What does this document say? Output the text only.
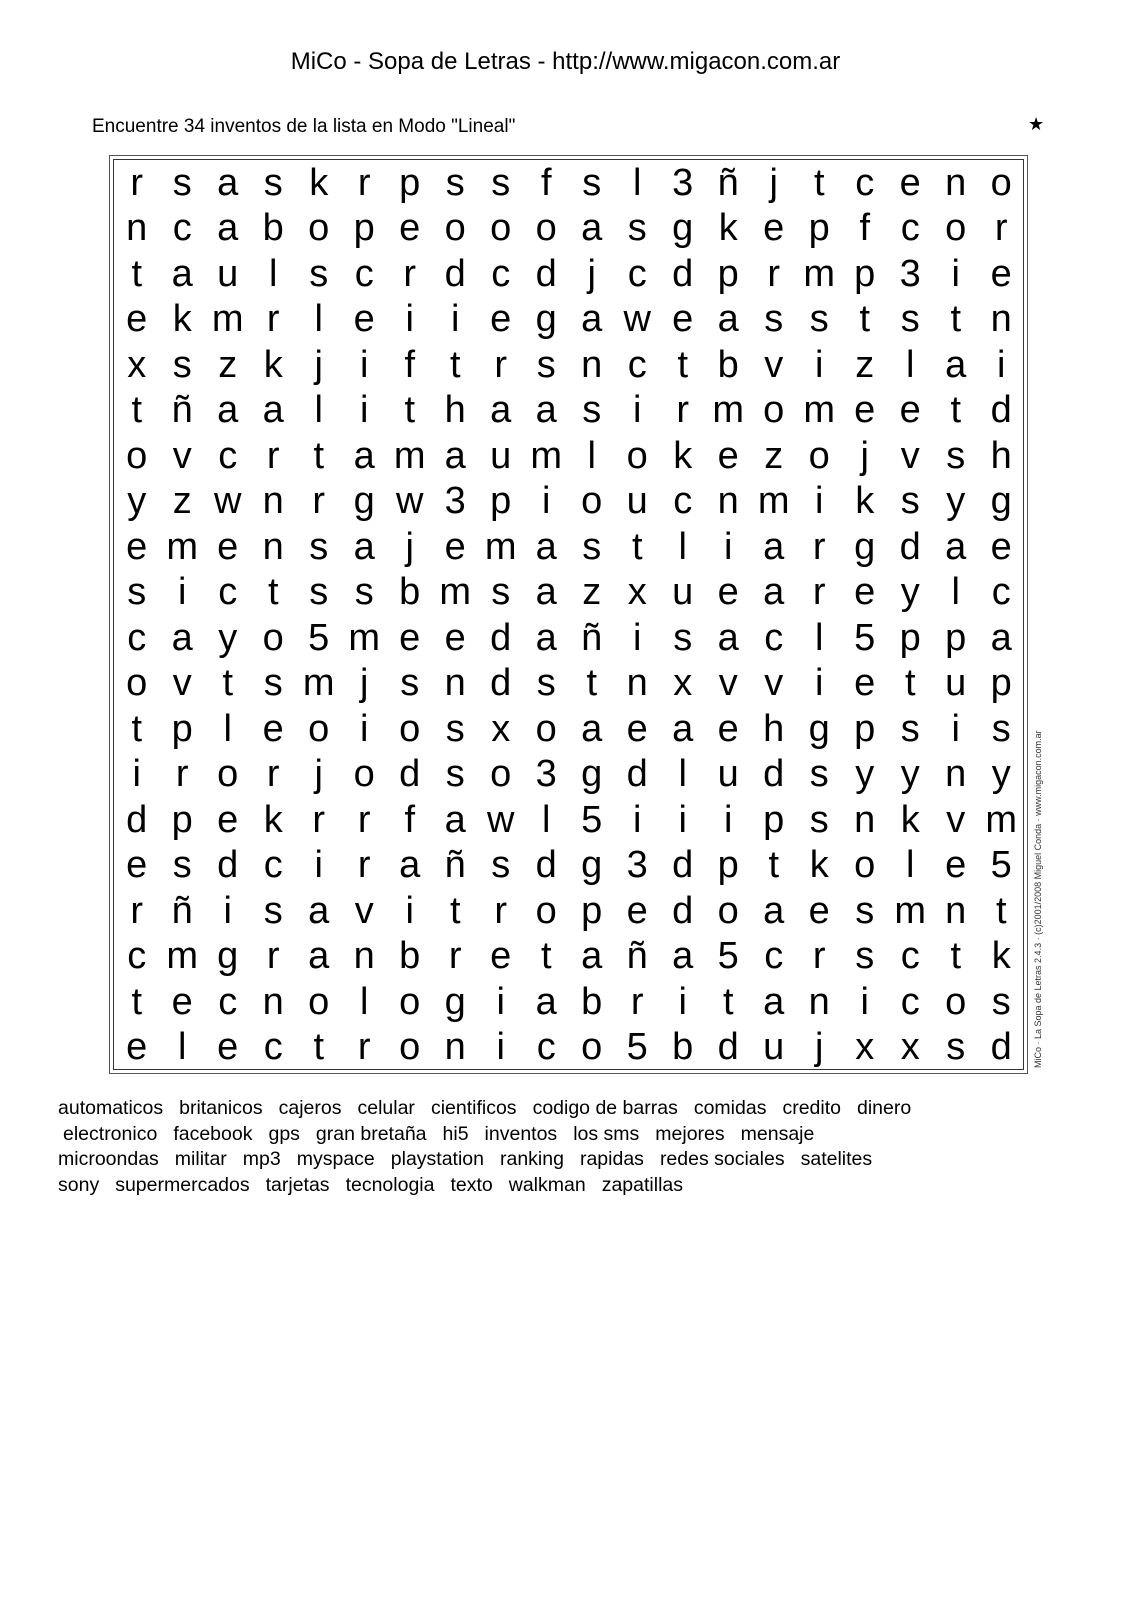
MiCo - Sopa de Letras - http://www.migacon.com.ar
Encuentre 34 inventos de la lista en Modo "Lineal"	★
r s a s k r p s s f s l 3 ñ j t c e n o
n c a b o p e o o o a s g k e p f c o r
t a u l s c r d c d j c d p r m p 3 i e
e k m r l e i i e g a w e a s s t s t n
x s z k j i f t r s n c t b v i z l a i
t ñ a a l i t h a a s i r m o m e e t d
o v c r t a m a u m l o k e z o j v s h
y z w n r g w 3 p i o u c n m i k s y g
e m e n s a j e m a s t l i a r g d a e
s i c t s s b m s a z x u e a r e y l c
c a y o 5 m e e d a ñ i s a c l 5 p p a
o v t s m j s n d s t n x v v i e t u p
t p l e o i o s x o a e a e h g p s i s
i r o r j o d s o 3 g d l u d s y y n y
d p e k r r f a w l 5 i i i p s n k v m
e s d c i r a ñ s d g 3 d p t k o l e 5
r ñ i s a v i t r o p e d o a e s m n t
c m g r a n b r e t a ñ a 5 c r s c t k
t e c n o l o g i a b r i t a n i c o s
e l e c t r o n i c o 5 b d u j x x s d	MiCo · La Sopa de Letras 2.4.3 · (c)2001/2008 Miguel Conda · www.migacon.com.ar
automaticos britanicos cajeros celular cientificos codigo de barras comidas credito dinero
electronico facebook gps gran bretaña hi5 inventos los sms mejores mensaje
microondas militar mp3 myspace playstation ranking rapidas redes sociales satelites
sony supermercados tarjetas tecnologia texto walkman zapatillas
